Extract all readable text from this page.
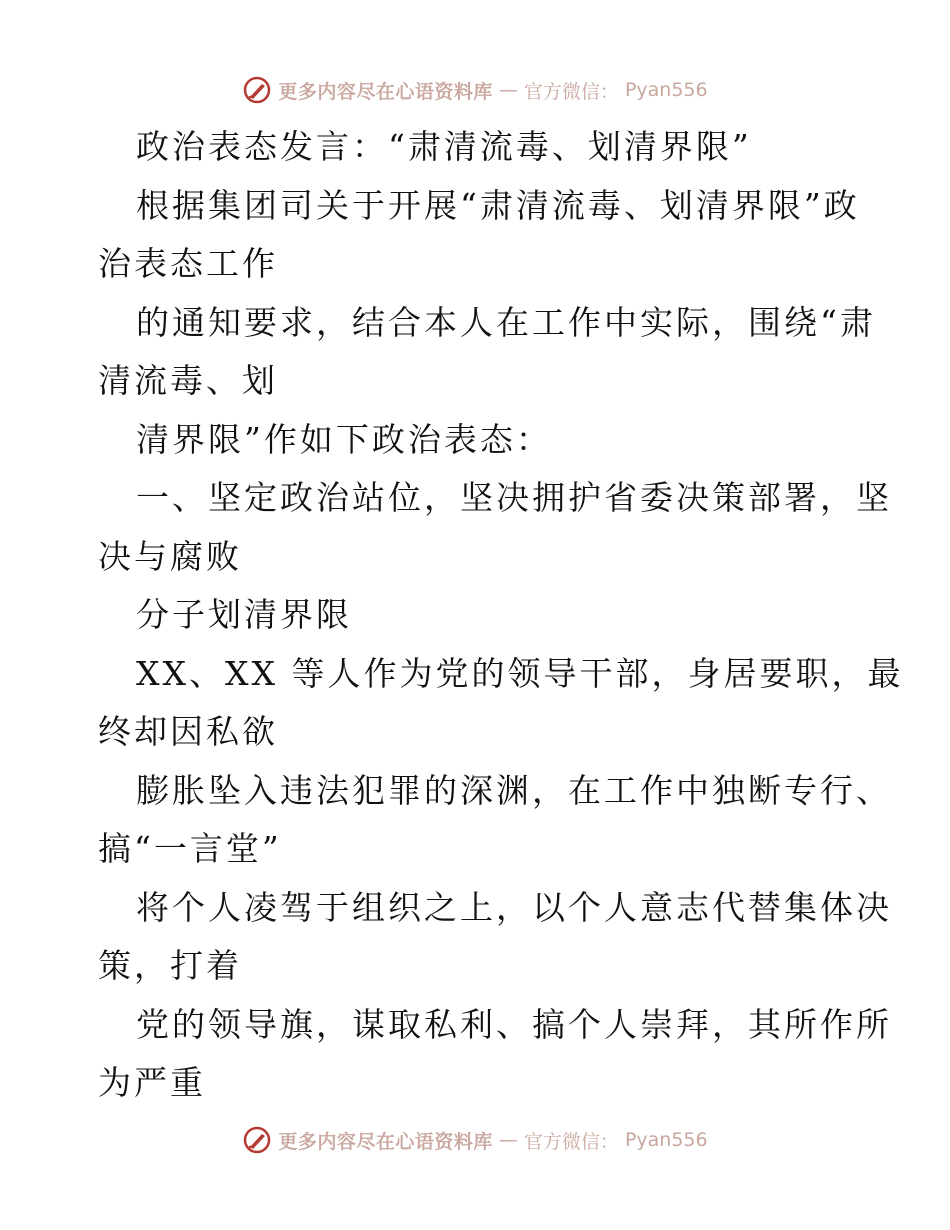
更多内容尽在心语资料库 — 官方微信： Pyan556
政治表态发言：“肃清流毒、划清界限”
根据集团司关于开展“肃清流毒、划清界限”政
治表态工作
的通知要求，结合本人在工作中实际，围绕“肃
清流毒、划
清界限”作如下政治表态：
一、坚定政治站位，坚决拥护省委决策部署，坚
决与腐败
分子划清界限
XX、XX 等人作为党的领导干部，身居要职，最
终却因私欲
膨胀坠入违法犯罪的深渊，在工作中独断专行、
搞“一言堂”
将个人凌驾于组织之上，以个人意志代替集体决
策，打着
党的领导旗，谋取私利、搞个人崇拜，其所作所
为严重
更多内容尽在心语资料库 — 官方微信： Pyan556
